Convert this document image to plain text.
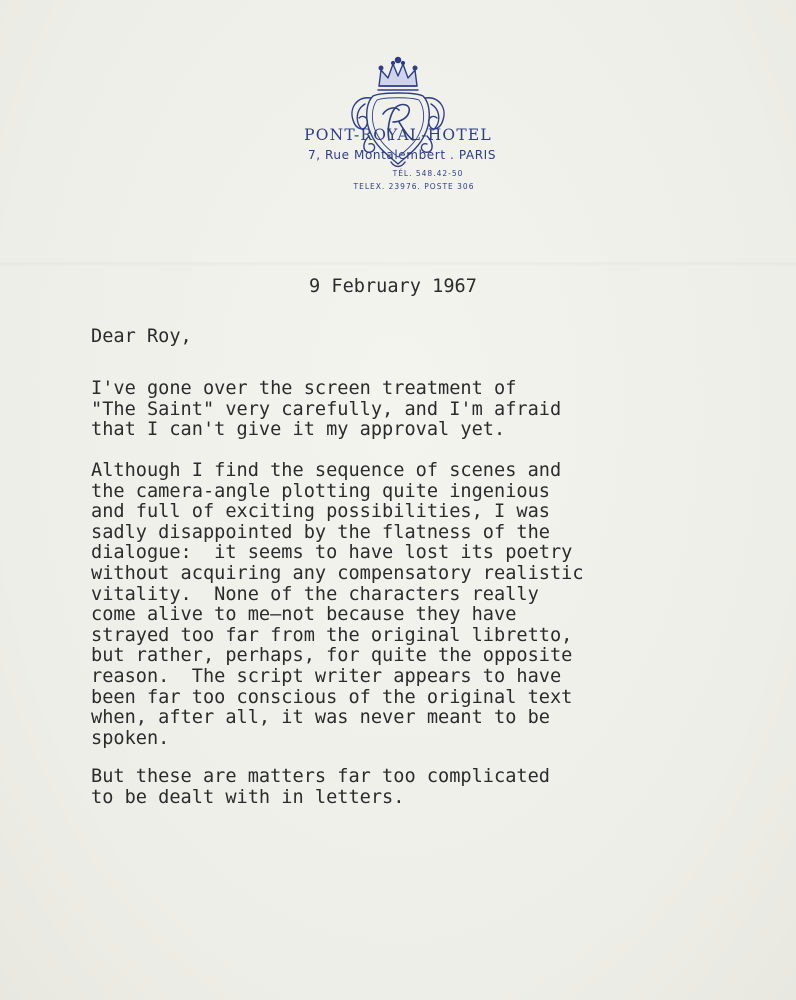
PONT-ROYAL-HOTEL
7, Rue Montalembert . PARIS
TÉL. 548.42-50
TELEX. 23976. POSTE 306
9 February 1967
Dear Roy,

I've gone over the screen treatment of
"The Saint" very carefully, and I'm afraid
that I can't give it my approval yet.

Although I find the sequence of scenes and
the camera-angle plotting quite ingenious
and full of exciting possibilities, I was
sadly disappointed by the flatness of the
dialogue:  it seems to have lost its poetry
without acquiring any compensatory realistic
vitality.  None of the characters really
come alive to me—not because they have
strayed too far from the original libretto,
but rather, perhaps, for quite the opposite
reason.  The script writer appears to have
been far too conscious of the original text
when, after all, it was never meant to be
spoken.

But these are matters far too complicated
to be dealt with in letters.
